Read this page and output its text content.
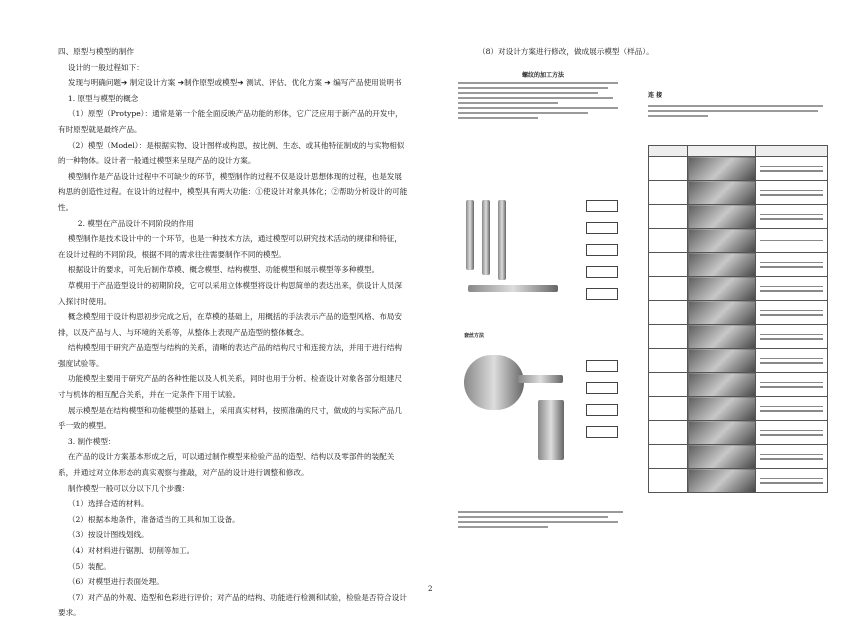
四、原型与模型的制作

设计的一般过程如下：

发现与明确问题➔ 制定设计方案 ➔制作原型或模型➔ 测试、评估、优化方案 ➔ 编写产品使用说明书

1. 原型与模型的概念

（1）原型（Protype）：通常是第一个能全面反映产品功能的形体，它广泛应用于新产品的开发中，有时原型就是最终产品。

（2）模型（Model）：是根据实物、设计图样或构思，按比例、生态、或其他特征制成的与实物相似的一种物体。设计者一般通过模型来呈现产品的设计方案。

模型制作是产品设计过程中不可缺少的环节，模型制作的过程不仅是设计思想体现的过程，也是发展构思的创造性过程。在设计的过程中，模型具有两大功能：①使设计对象具体化；②帮助分析设计的可能性。

2. 模型在产品设计不同阶段的作用

模型制作是技术设计中的一个环节，也是一种技术方法，通过模型可以研究技术活动的规律和特征，在设计过程的不同阶段，根据不同的需求往往需要制作不同的模型。

根据设计的要求，可先后制作草模、概念模型、结构模型、功能模型和展示模型等多种模型。

草模用于产品造型设计的初期阶段，它可以采用立体模型将设计构思简单的表达出来，供设计人员深入探讨时使用。

概念模型用于设计构思初步完成之后，在草模的基础上，用概括的手法表示产品的造型风格、布局安排，以及产品与人、与环境的关系等，从整体上表现产品造型的整体概念。

结构模型用于研究产品造型与结构的关系，清晰的表达产品的结构尺寸和连接方法，并用于进行结构强度试验等。

功能模型主要用于研究产品的各种性能以及人机关系，同时也用于分析、检查设计对象各部分组建尺寸与机体的相互配合关系，并在一定条件下用于试验。

展示模型是在结构模型和功能模型的基础上，采用真实材料，按照准确的尺寸，做成的与实际产品几乎一致的模型。

3. 制作模型：

在产品的设计方案基本形成之后，可以通过制作模型来检验产品的造型、结构以及零部件的装配关系，并通过对立体形态的真实观察与推敲，对产品的设计进行调整和修改。

制作模型一般可以分以下几个步骤：

（1）选择合适的材料。

（2）根据本地条件，准备适当的工具和加工设备。

（3）按设计图线划线。

（4）对材料进行锯割、切削等加工。

（5）装配。

（6）对模型进行表面处理。

（7）对产品的外观、造型和色彩进行评价；对产品的结构、功能进行检测和试验，检验是否符合设计要求。

（8）对设计方案进行修改，做成展示模型（样品）。
螺纹的加工方法
套丝方法
连 接

2
